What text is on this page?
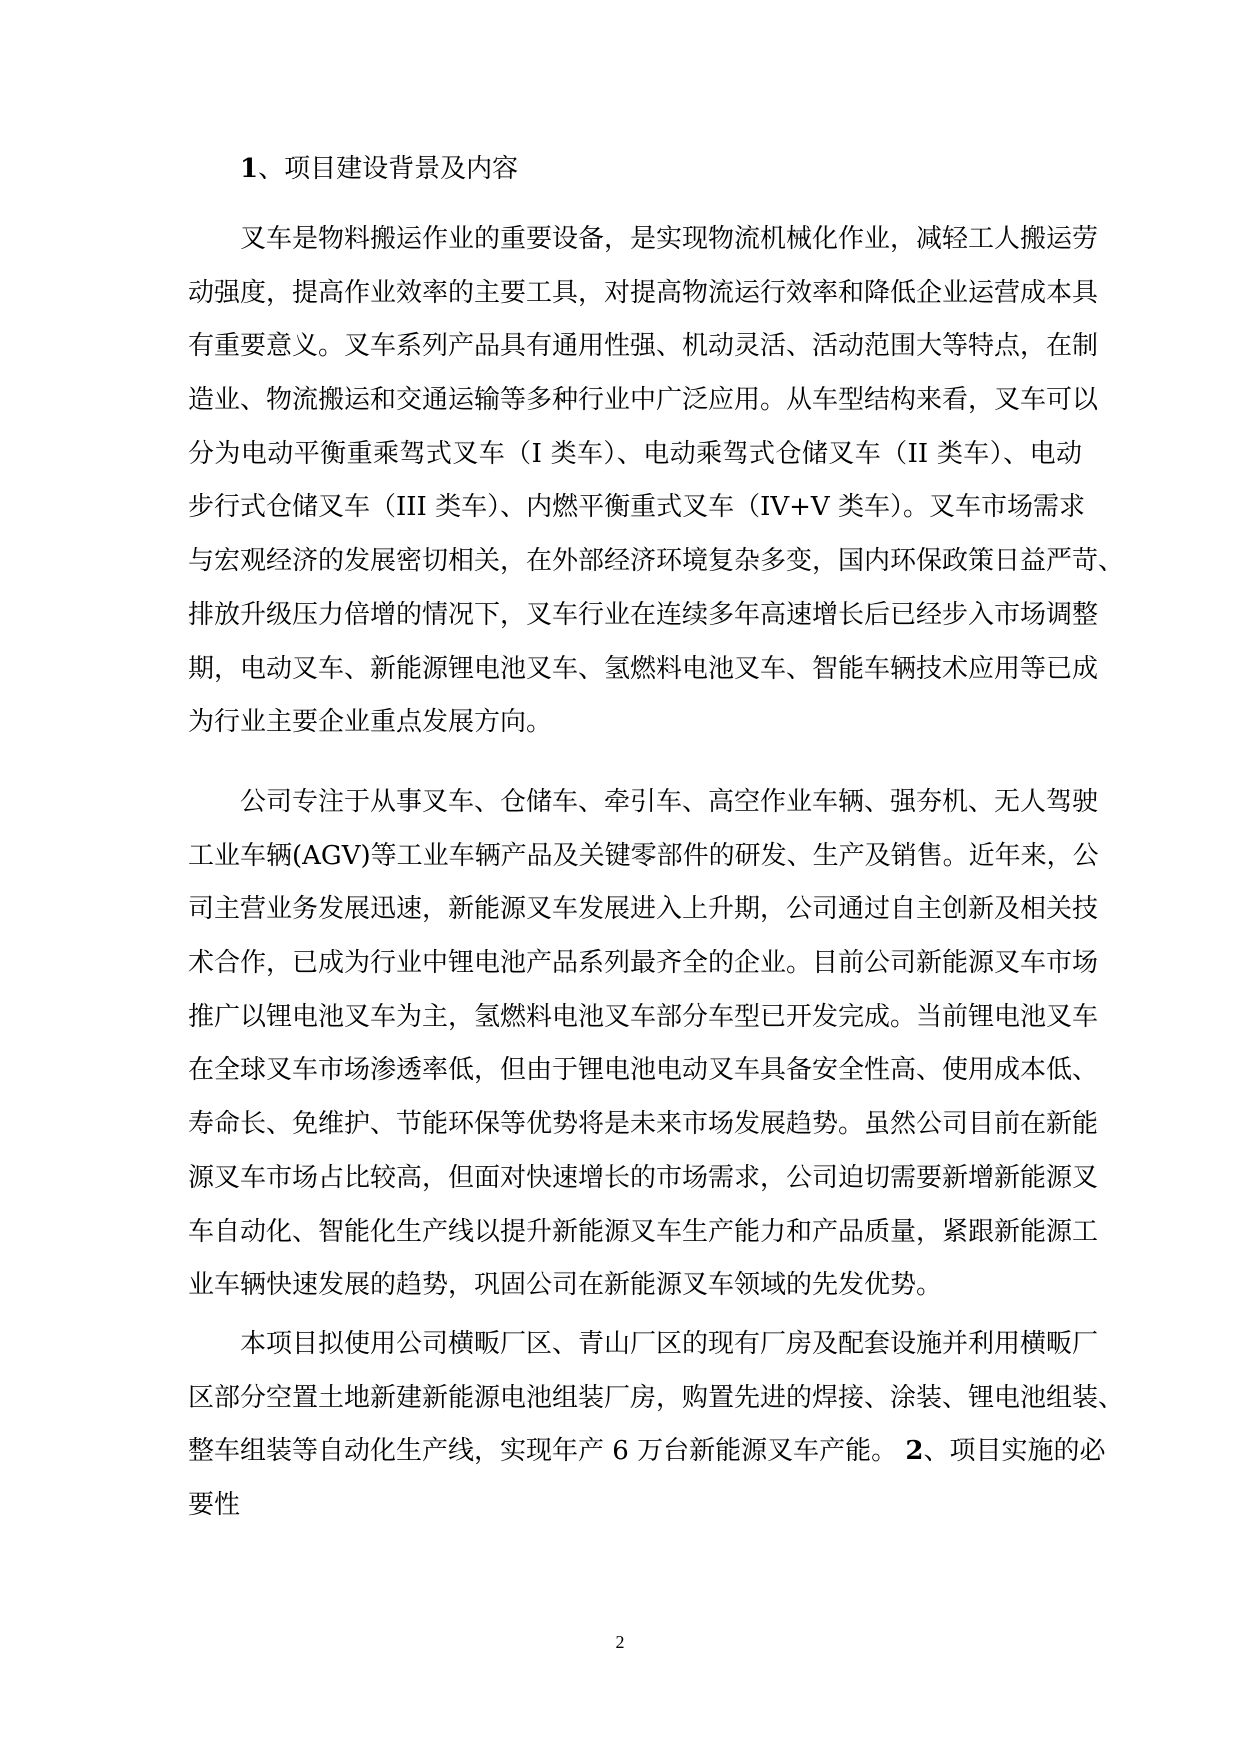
1、项目建设背景及内容
叉车是物料搬运作业的重要设备，是实现物流机械化作业，减轻工人搬运劳
动强度，提高作业效率的主要工具，对提高物流运行效率和降低企业运营成本具
有重要意义。叉车系列产品具有通用性强、机动灵活、活动范围大等特点，在制
造业、物流搬运和交通运输等多种行业中广泛应用。从车型结构来看，叉车可以
分为电动平衡重乘驾式叉车（I 类车）、电动乘驾式仓储叉车（II 类车）、电动
步行式仓储叉车（III 类车）、内燃平衡重式叉车（IV+V 类车）。叉车市场需求
与宏观经济的发展密切相关，在外部经济环境复杂多变，国内环保政策日益严苛、
排放升级压力倍增的情况下，叉车行业在连续多年高速增长后已经步入市场调整
期，电动叉车、新能源锂电池叉车、氢燃料电池叉车、智能车辆技术应用等已成
为行业主要企业重点发展方向。
公司专注于从事叉车、仓储车、牵引车、高空作业车辆、强夯机、无人驾驶
工业车辆(AGV)等工业车辆产品及关键零部件的研发、生产及销售。近年来，公
司主营业务发展迅速，新能源叉车发展进入上升期，公司通过自主创新及相关技
术合作，已成为行业中锂电池产品系列最齐全的企业。目前公司新能源叉车市场
推广以锂电池叉车为主，氢燃料电池叉车部分车型已开发完成。当前锂电池叉车
在全球叉车市场渗透率低，但由于锂电池电动叉车具备安全性高、使用成本低、
寿命长、免维护、节能环保等优势将是未来市场发展趋势。虽然公司目前在新能
源叉车市场占比较高，但面对快速增长的市场需求，公司迫切需要新增新能源叉
车自动化、智能化生产线以提升新能源叉车生产能力和产品质量，紧跟新能源工
业车辆快速发展的趋势，巩固公司在新能源叉车领域的先发优势。
本项目拟使用公司横畈厂区、青山厂区的现有厂房及配套设施并利用横畈厂
区部分空置土地新建新能源电池组装厂房，购置先进的焊接、涂装、锂电池组装、
整车组装等自动化生产线，实现年产 6 万台新能源叉车产能。 2、项目实施的必
要性
2
